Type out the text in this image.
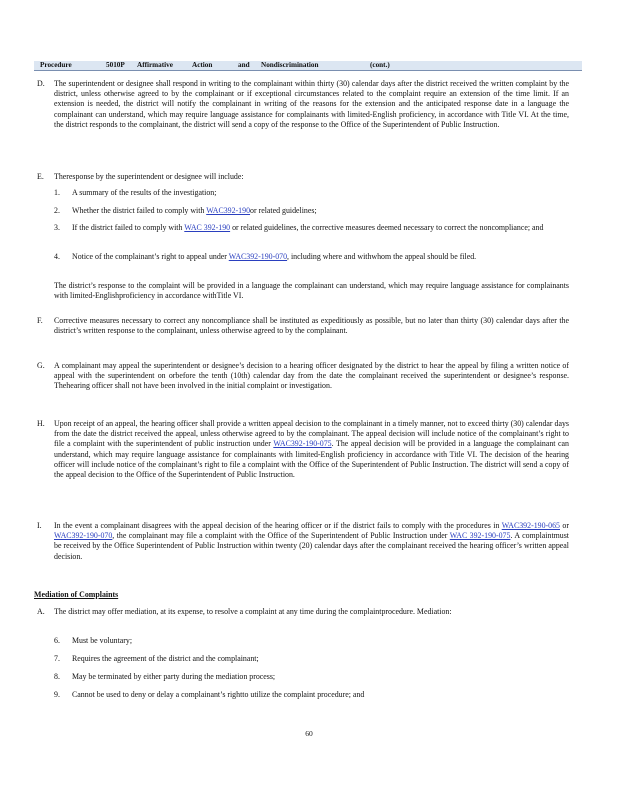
Procedure	5010P Affirmative	Action	and Nondiscrimination	(cont.)
D. The superintendent or designee shall respond in writing to the complainant within thirty (30) calendar days after the district received the written complaint by the district, unless otherwise agreed to by the complainant or if exceptional circumstances related to the complaint require an extension of the time limit. If an extension is needed, the district will notify the complainant in writing of the reasons for the extension and the anticipated response date in a language the complainant can understand, which may require language assistance for complainants with limited-English proficiency, in accordance with Title VI. At the time, the district responds to the complainant, the district will send a copy of the response to the Office of the Superintendent of Public Instruction.
E. Theresponse by the superintendent or designee will include:
1. A summary of the results of the investigation;
2. Whether the district failed to comply with WAC392-190or related guidelines;
3. If the district failed to comply with WAC 392-190 or related guidelines, the corrective measures deemed necessary to correct the noncompliance; and
4. Notice of the complainant’s right to appeal under WAC392-190-070, including where and withwhom the appeal should be filed.
The district’s response to the complaint will be provided in a language the complainant can understand, which may require language assistance for complainants with limited-Englishproficiency in accordance withTitle VI.
F. Corrective measures necessary to correct any noncompliance shall be instituted as expeditiously as possible, but no later than thirty (30) calendar days after the district’s written response to the complainant, unless otherwise agreed to by the complainant.
G. A complainant may appeal the superintendent or designee’s decision to a hearing officer designated by the district to hear the appeal by filing a written notice of appeal with the superintendent on orbefore the tenth (10th) calendar day from the date the complainant received the superintendent or designee’s response. Thehearing officer shall not have been involved in the initial complaint or investigation.
H. Upon receipt of an appeal, the hearing officer shall provide a written appeal decision to the complainant in a timely manner, not to exceed thirty (30) calendar days from the date the district received the appeal, unless otherwise agreed to by the complainant. The appeal decision will include notice of the complainant’s right to file a complaint with the superintendent of public instruction under WAC392-190-075. The appeal decision will be provided in a language the complainant can understand, which may require language assistance for complainants with limited-English proficiency in accordance with Title VI. The decision of the hearing officer will include notice of the complainant’s right to file a complaint with the Office of the Superintendent of Public Instruction. The district will send a copy of the appeal decision to the Office of the Superintendent of Public Instruction.
I. In the event a complainant disagrees with the appeal decision of the hearing officer or if the district fails to comply with the procedures in WAC392-190-065 or WAC392-190-070, the complainant may file a complaint with the Office of the Superintendent of Public Instruction under WAC 392-190-075. A complaintmust be received by the Office Superintendent of Public Instruction within twenty (20) calendar days after the complainant received the hearing officer’s written appeal decision.
Mediation of Complaints
A. The district may offer mediation, at its expense, to resolve a complaint at any time during the complaintprocedure. Mediation:
6. Must be voluntary;
7. Requires the agreement of the district and the complainant;
8. May be terminated by either party during the mediation process;
9. Cannot be used to deny or delay a complainant’s rightto utilize the complaint procedure; and
60
